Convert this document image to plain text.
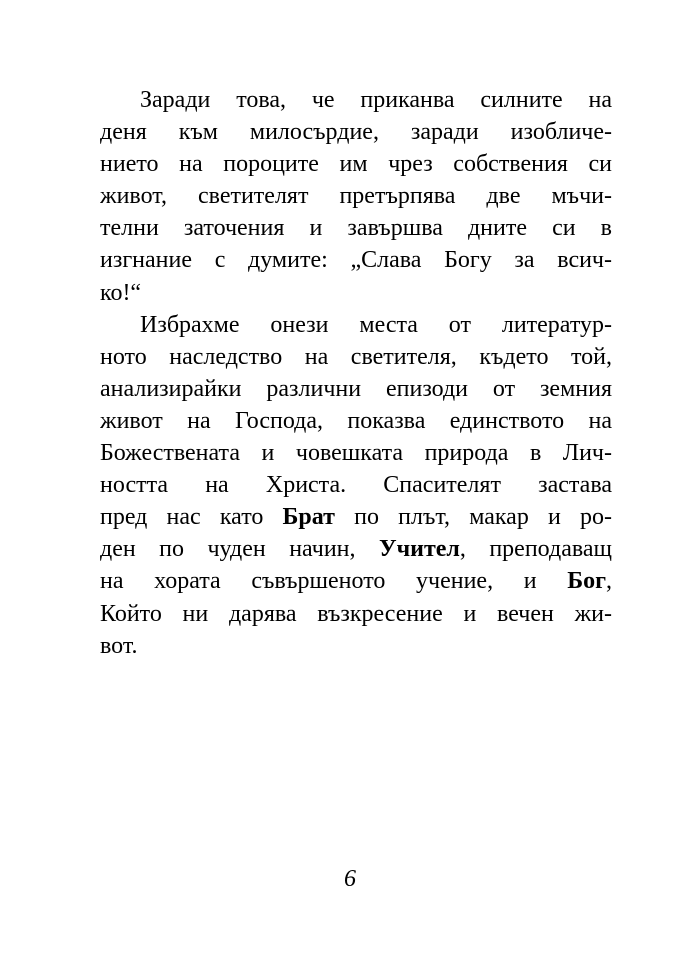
Заради това, че приканва силните на
деня към милосърдие, заради изобличе-
нието на пороците им чрез собствения си
живот, светителят претърпява две мъчи-
телни заточения и завършва дните си в
изгнание с думите: „Слава Богу за всич-
ко!“
Избрахме онези места от литератур-
ното наследство на светителя, където той,
анализирайки различни епизоди от земния
живот на Господа, показва единството на
Божествената и човешката природа в Лич-
ността на Христа. Спасителят застава
пред нас като Брат по плът, макар и ро-
ден по чуден начин, Учител, преподаващ
на хората съвършеното учение, и Бог,
Който ни дарява възкресение и вечен жи-
вот.
6
